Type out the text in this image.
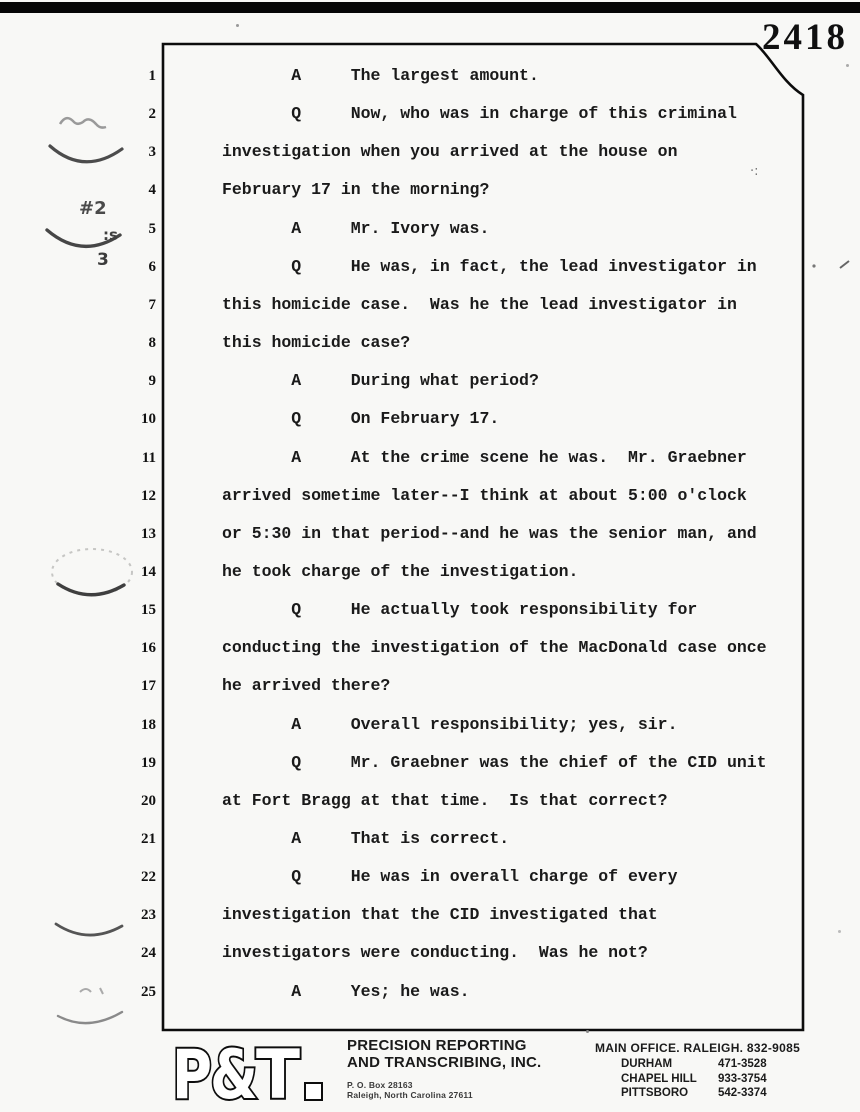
2418
#2
:s
3
·:
1	A     The largest amount.
2	Q     Now, who was in charge of this criminal
3	investigation when you arrived at the house on
4	February 17 in the morning?
5	A     Mr. Ivory was.
6	Q     He was, in fact, the lead investigator in
7	this homicide case.  Was he the lead investigator in
8	this homicide case?
9	A     During what period?
10	Q     On February 17.
11	A     At the crime scene he was.  Mr. Graebner
12	arrived sometime later--I think at about 5:00 o'clock
13	or 5:30 in that period--and he was the senior man, and
14	he took charge of the investigation.
15	Q     He actually took responsibility for
16	conducting the investigation of the MacDonald case once
17	he arrived there?
18	A     Overall responsibility; yes, sir.
19	Q     Mr. Graebner was the chief of the CID unit
20	at Fort Bragg at that time.  Is that correct?
21	A     That is correct.
22	Q     He was in overall charge of every
23	investigation that the CID investigated that
24	investigators were conducting.  Was he not?
25	A     Yes; he was.
P
&
T	PRECISION REPORTING
AND TRANSCRIBING, INC.
P. O. Box 28163
Raleigh, North Carolina 27611
MAIN OFFICE. RALEIGH. 832-9085
DURHAM	471-3528
CHAPEL HILL	933-3754
PITTSBORO	542-3374
